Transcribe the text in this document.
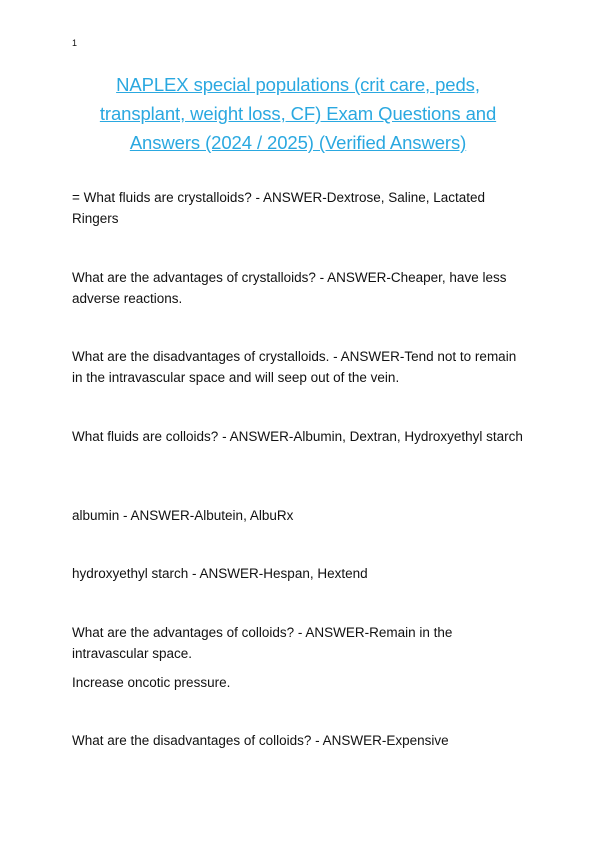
1
NAPLEX special populations (crit care, peds, transplant, weight loss, CF) Exam Questions and Answers (2024 / 2025) (Verified Answers)

= What fluids are crystalloids? - ANSWER-Dextrose, Saline, Lactated Ringers

What are the advantages of crystalloids? - ANSWER-Cheaper, have less adverse reactions.

What are the disadvantages of crystalloids. - ANSWER-Tend not to remain in the intravascular space and will seep out of the vein.

What fluids are colloids? - ANSWER-Albumin, Dextran, Hydroxyethyl starch

albumin - ANSWER-Albutein, AlbuRx

hydroxyethyl starch - ANSWER-Hespan, Hextend

What are the advantages of colloids? - ANSWER-Remain in the intravascular space.

Increase oncotic pressure.

What are the disadvantages of colloids? - ANSWER-Expensive
